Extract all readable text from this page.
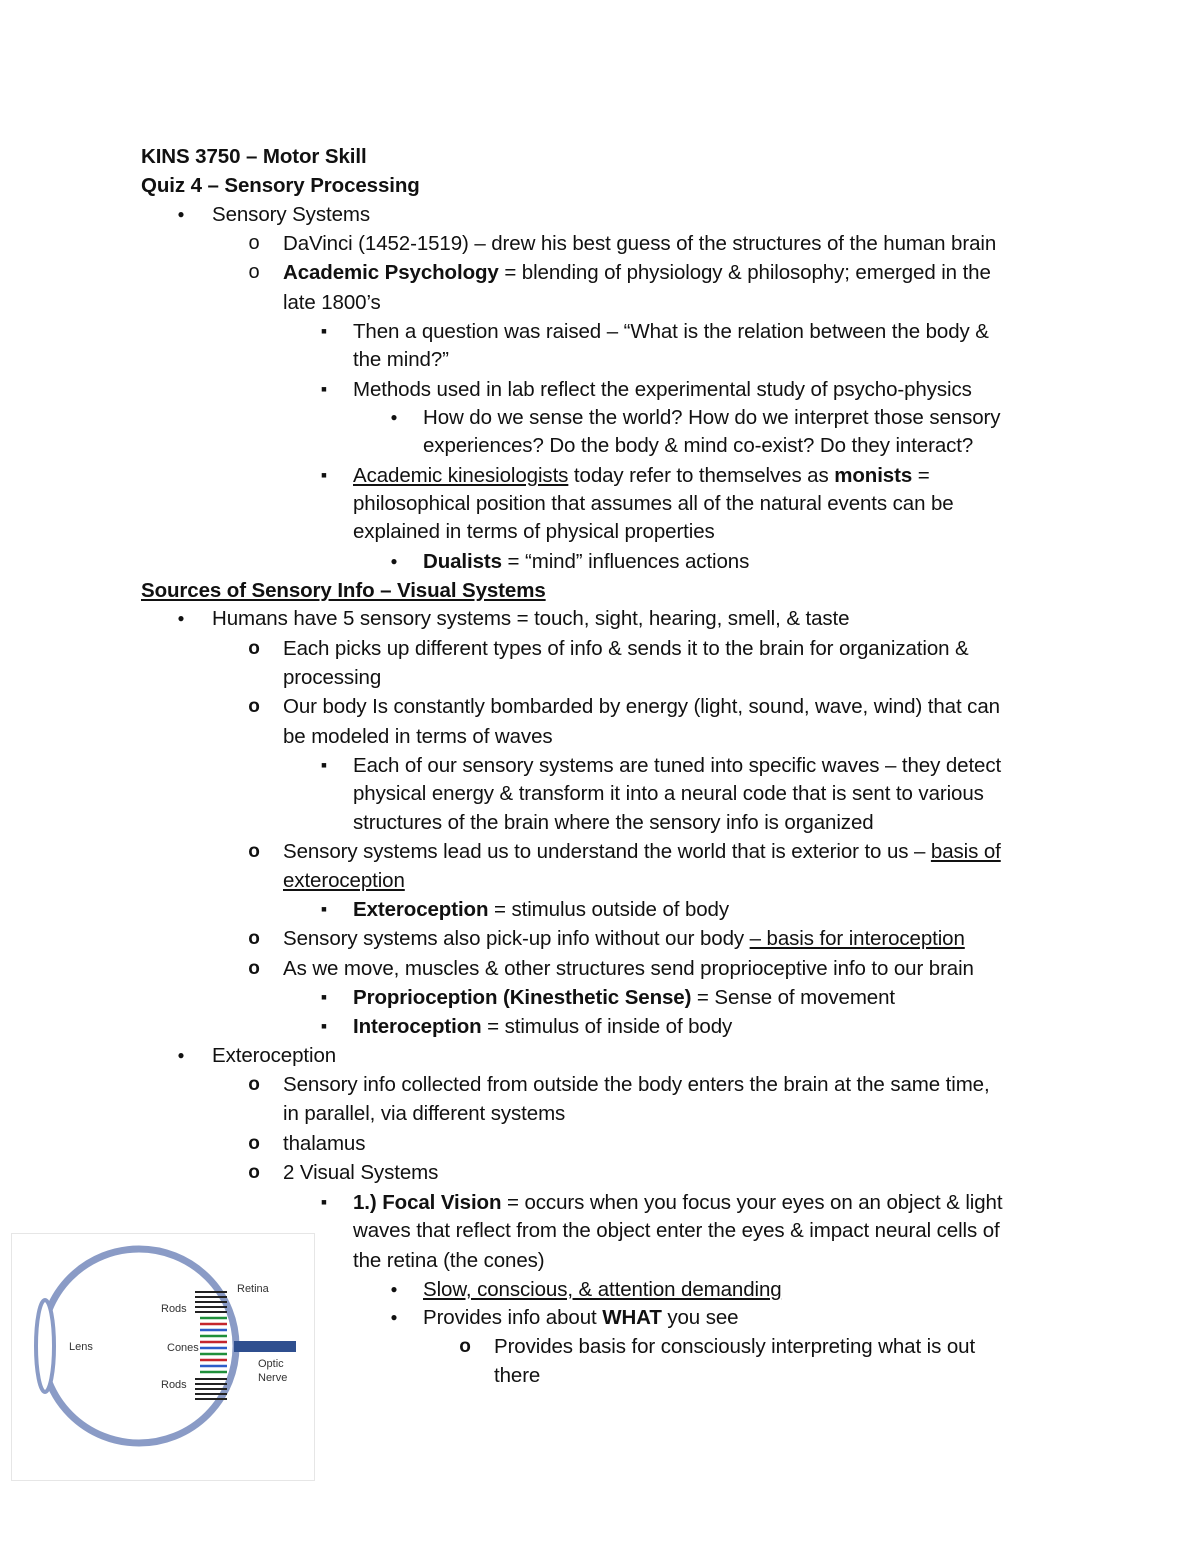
KINS 3750 – Motor Skill
Quiz 4 – Sensory Processing
●
Sensory Systems
o
DaVinci (1452-1519) – drew his best guess of the structures of the human brain
o
Academic Psychology = blending of physiology & philosophy; emerged in the
late 1800’s
▪
Then a question was raised – “What is the relation between the body &
the mind?”
▪
Methods used in lab reflect the experimental study of psycho-physics
●
How do we sense the world? How do we interpret those sensory
experiences? Do the body & mind co-exist? Do they interact?
▪
Academic kinesiologists today refer to themselves as monists =
philosophical position that assumes all of the natural events can be
explained in terms of physical properties
●
Dualists = “mind” influences actions
Sources of Sensory Info – Visual Systems
●
Humans have 5 sensory systems = touch, sight, hearing, smell, & taste
o
Each picks up different types of info & sends it to the brain for organization &
processing
o
Our body Is constantly bombarded by energy (light, sound, wave, wind) that can
be modeled in terms of waves
▪
Each of our sensory systems are tuned into specific waves – they detect
physical energy & transform it into a neural code that is sent to various
structures of the brain where the sensory info is organized
o
Sensory systems lead us to understand the world that is exterior to us – basis of
exteroception
▪
Exteroception = stimulus outside of body
o
Sensory systems also pick-up info without our body – basis for interoception
o
As we move, muscles & other structures send proprioceptive info to our brain
▪
Proprioception (Kinesthetic Sense) = Sense of movement
▪
Interoception = stimulus of inside of body
●
Exteroception
o
Sensory info collected from outside the body enters the brain at the same time,
in parallel, via different systems
o
thalamus
o
2 Visual Systems
▪
1.) Focal Vision = occurs when you focus your eyes on an object & light
waves that reflect from the object enter the eyes & impact neural cells of
the retina (the cones)
●
Slow, conscious, & attention demanding
●
Provides info about WHAT you see
o
Provides basis for consciously interpreting what is out
there
Lens
Rods
Cones
Rods
Retina
Optic
Nerve
